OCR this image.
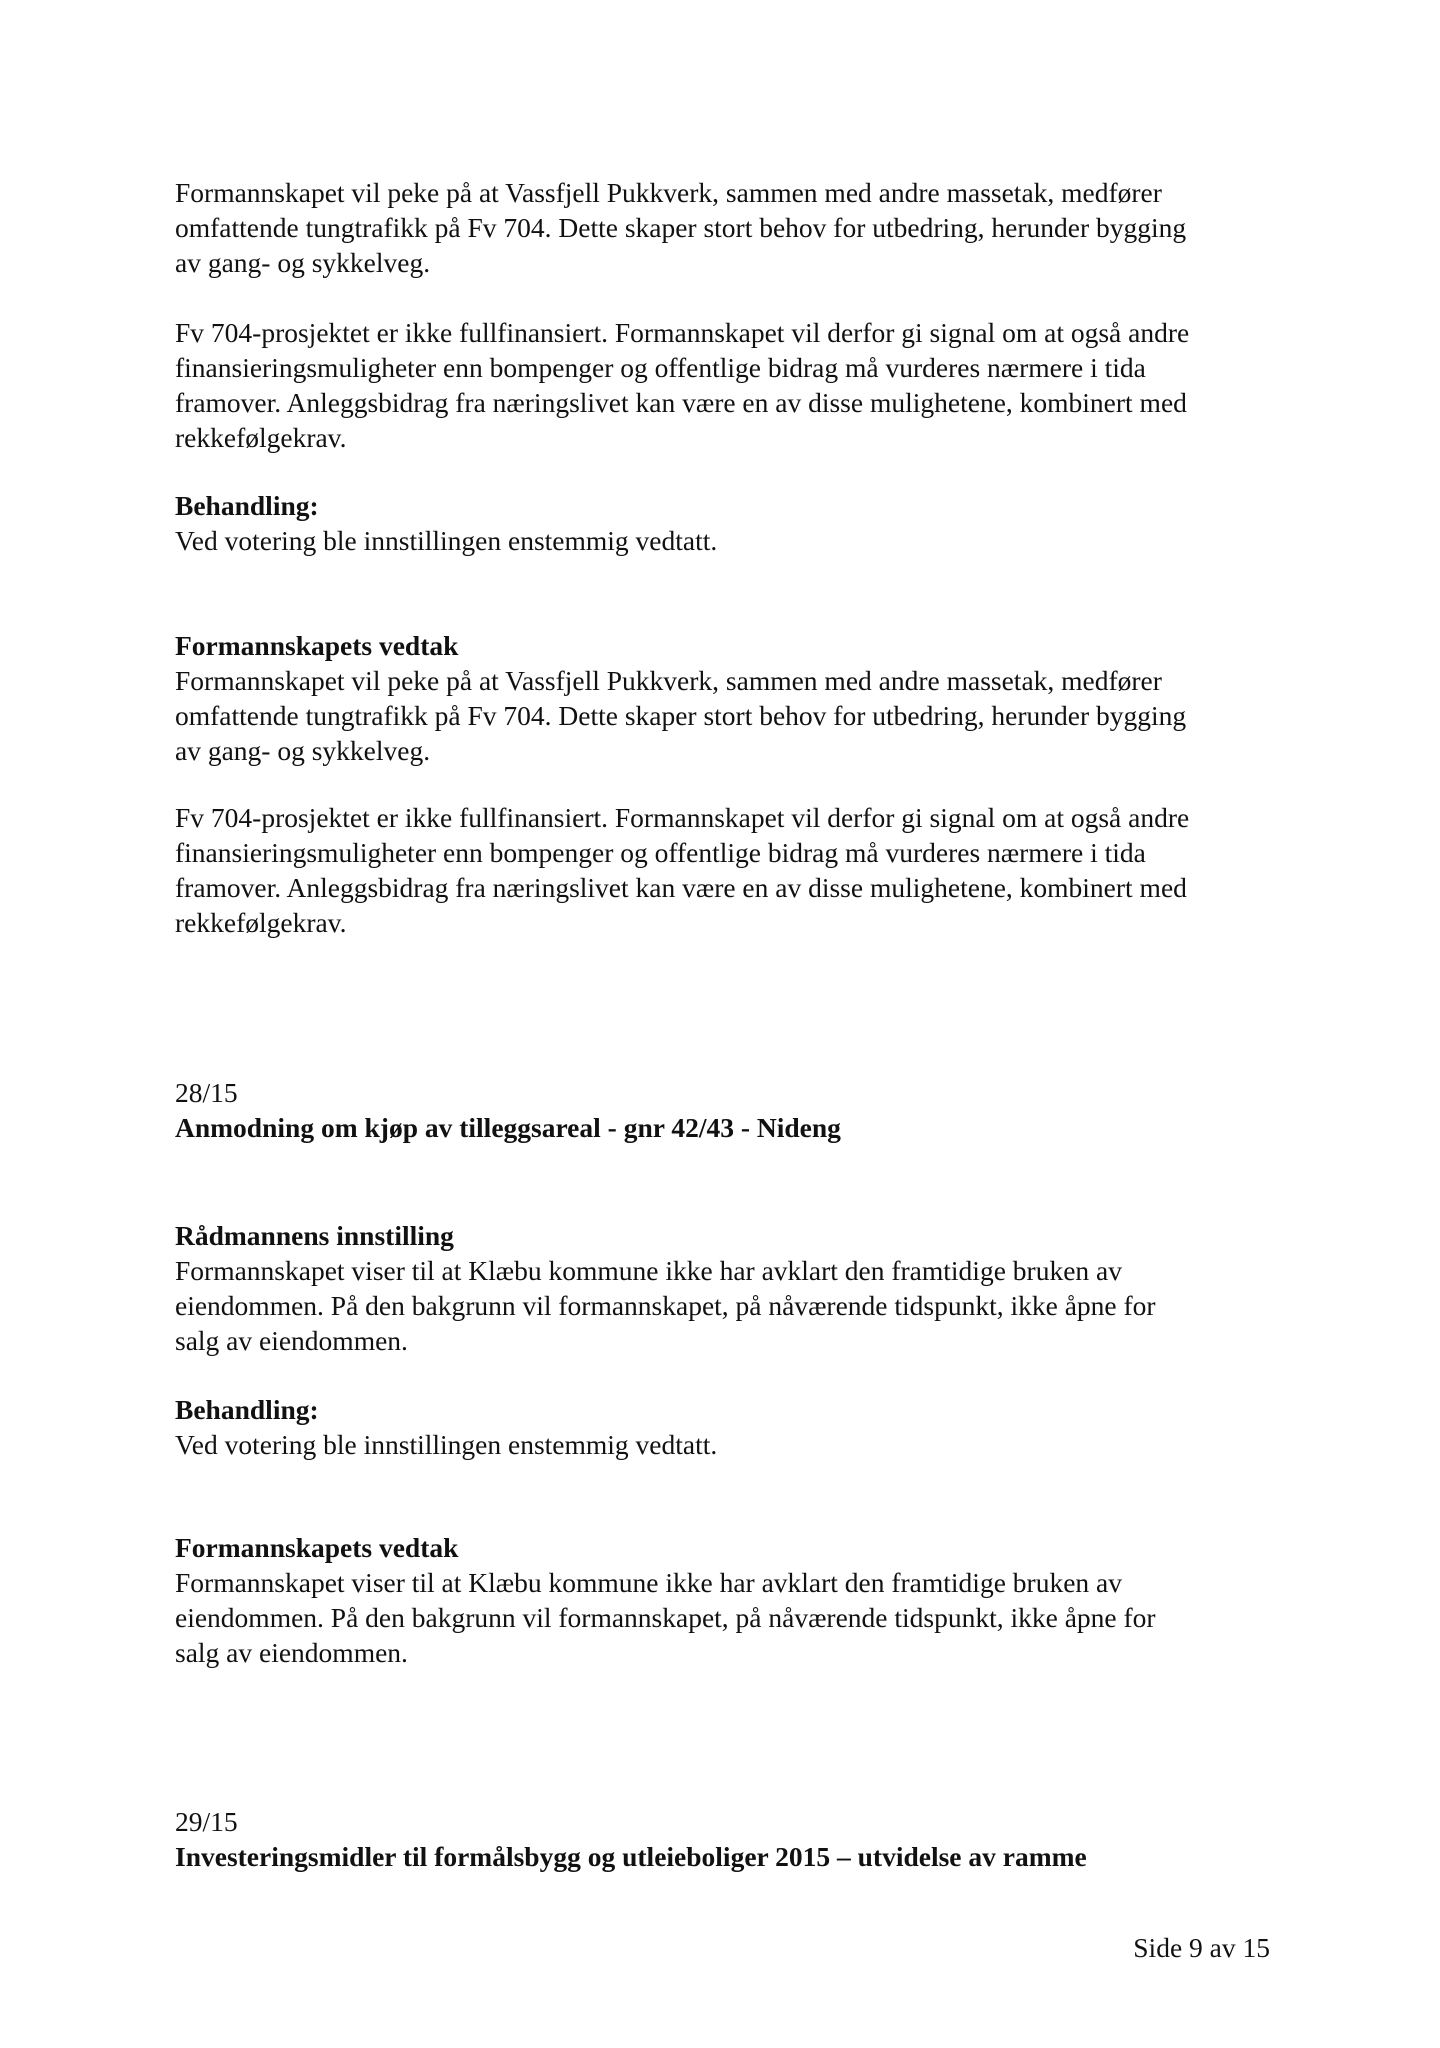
Formannskapet vil peke på at Vassfjell Pukkverk, sammen med andre massetak, medfører
omfattende tungtrafikk på Fv 704. Dette skaper stort behov for utbedring, herunder bygging
av gang- og sykkelveg.
Fv 704-prosjektet er ikke fullfinansiert. Formannskapet vil derfor gi signal om at også andre
finansieringsmuligheter enn bompenger og offentlige bidrag må vurderes nærmere i tida
framover. Anleggsbidrag fra næringslivet kan være en av disse mulighetene, kombinert med
rekkefølgekrav.
Behandling:
Ved votering ble innstillingen enstemmig vedtatt.
Formannskapets vedtak
Formannskapet vil peke på at Vassfjell Pukkverk, sammen med andre massetak, medfører
omfattende tungtrafikk på Fv 704. Dette skaper stort behov for utbedring, herunder bygging
av gang- og sykkelveg.
Fv 704-prosjektet er ikke fullfinansiert. Formannskapet vil derfor gi signal om at også andre
finansieringsmuligheter enn bompenger og offentlige bidrag må vurderes nærmere i tida
framover. Anleggsbidrag fra næringslivet kan være en av disse mulighetene, kombinert med
rekkefølgekrav.
28/15
Anmodning om kjøp av tilleggsareal - gnr 42/43 - Nideng
Rådmannens innstilling
Formannskapet viser til at Klæbu kommune ikke har avklart den framtidige bruken av
eiendommen. På den bakgrunn vil formannskapet, på nåværende tidspunkt, ikke åpne for
salg av eiendommen.
Behandling:
Ved votering ble innstillingen enstemmig vedtatt.
Formannskapets vedtak
Formannskapet viser til at Klæbu kommune ikke har avklart den framtidige bruken av
eiendommen. På den bakgrunn vil formannskapet, på nåværende tidspunkt, ikke åpne for
salg av eiendommen.
29/15
Investeringsmidler til formålsbygg og utleieboliger 2015 – utvidelse av ramme
Side 9 av 15
